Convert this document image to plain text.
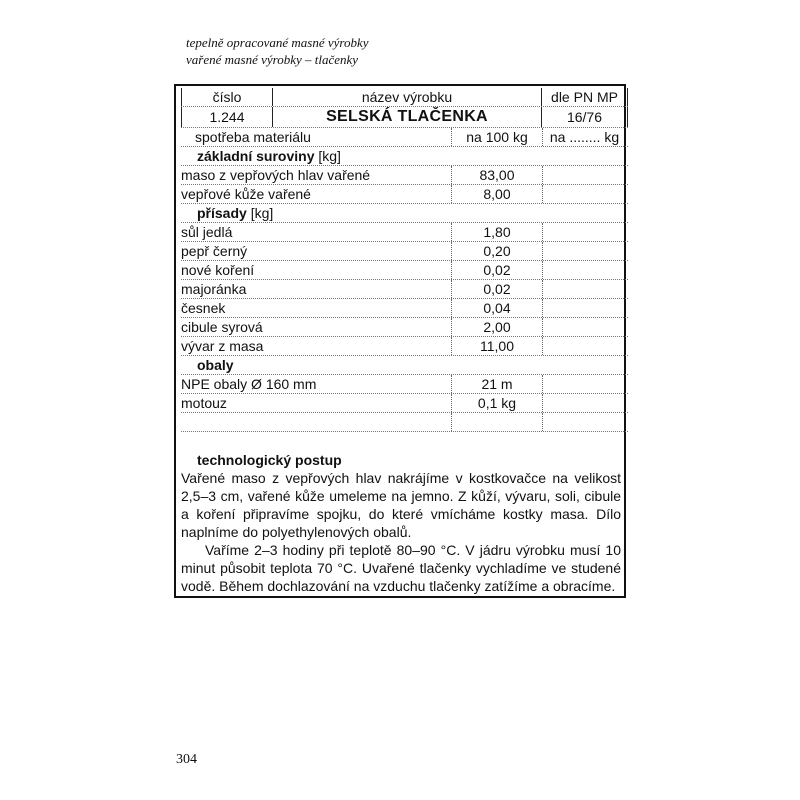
tepelně opracované masné výrobky
vařené masné výrobky – tlačenky
číslo	název výrobku	dle PN MP
1.244	SELSKÁ TLAČENKA	16/76
spotřeba materiálu	na 100 kg	na ........ kg
základní suroviny [kg]
maso z vepřových hlav vařené	83,00
vepřové kůže vařené	8,00
přísady [kg]
sůl jedlá	1,80
pepř černý	0,20
nové koření	0,02
majoránka	0,02
česnek	0,04
cibule syrová	2,00
vývar z masa	11,00
obaly
NPE obaly Ø 160 mm	21 m
motouz	0,1 kg
technologický postup

Vařené maso z vepřových hlav nakrájíme v kostkovačce na velikost 2,5–3 cm, vařené kůže umeleme na jemno. Z kůží, vývaru, soli, cibule a koření připravíme spojku, do které vmícháme kostky masa. Dílo naplníme do polyethylenových obalů.

Vaříme 2–3 hodiny při teplotě 80–90 °C. V jádru výrobku musí 10 minut působit teplota 70 °C. Uvařené tlačenky vychladíme ve studené vodě. Během dochlazování na vzduchu tlačenky zatížíme a obracíme.

304
